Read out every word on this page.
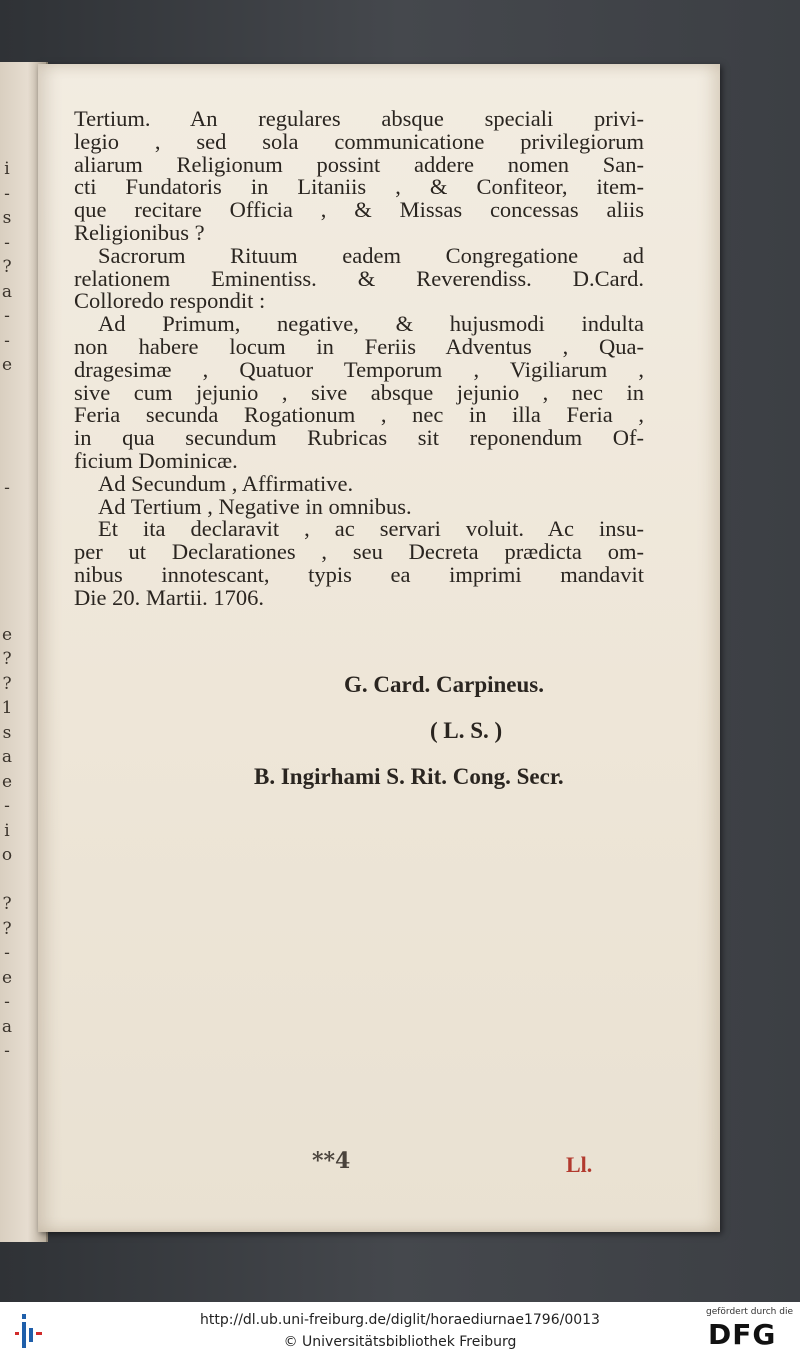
i
-
s
-
?
a
-
-
e

-

e
?
?
1
s
a
e
-
i
o

?
?
-
e
-
a
-
Tertium. An regulares absque speciali privi-
legio , sed sola communicatione privilegiorum
aliarum Religionum possint addere nomen San-
cti Fundatoris in Litaniis , & Confiteor, item-
que recitare Officia , & Missas concessas aliis
Religionibus ?
Sacrorum Rituum eadem Congregatione ad
relationem Eminentiss. & Reverendiss. D.Card.
Colloredo respondit :
Ad Primum, negative, & hujusmodi indulta
non habere locum in Feriis Adventus , Qua-
dragesimæ , Quatuor Temporum , Vigiliarum ,
sive cum jejunio , sive absque jejunio , nec in
Feria secunda Rogationum , nec in illa Feria ,
in qua secundum Rubricas sit reponendum Of-
ficium Dominicæ.
Ad Secundum , Affirmative.
Ad Tertium , Negative in omnibus.
Et ita declaravit , ac servari voluit. Ac insu-
per ut Declarationes , seu Decreta prædicta om-
nibus innotescant, typis ea imprimi mandavit
Die 20. Martii. 1706.
G. Card. Carpineus.
( L. S. )
B. Ingirhami S. Rit. Cong. Secr.
**4	Ll.
http://dl.ub.uni-freiburg.de/diglit/horaediurnae1796/0013
© Universitätsbibliothek Freiburg
gefördert durch die
DFG
